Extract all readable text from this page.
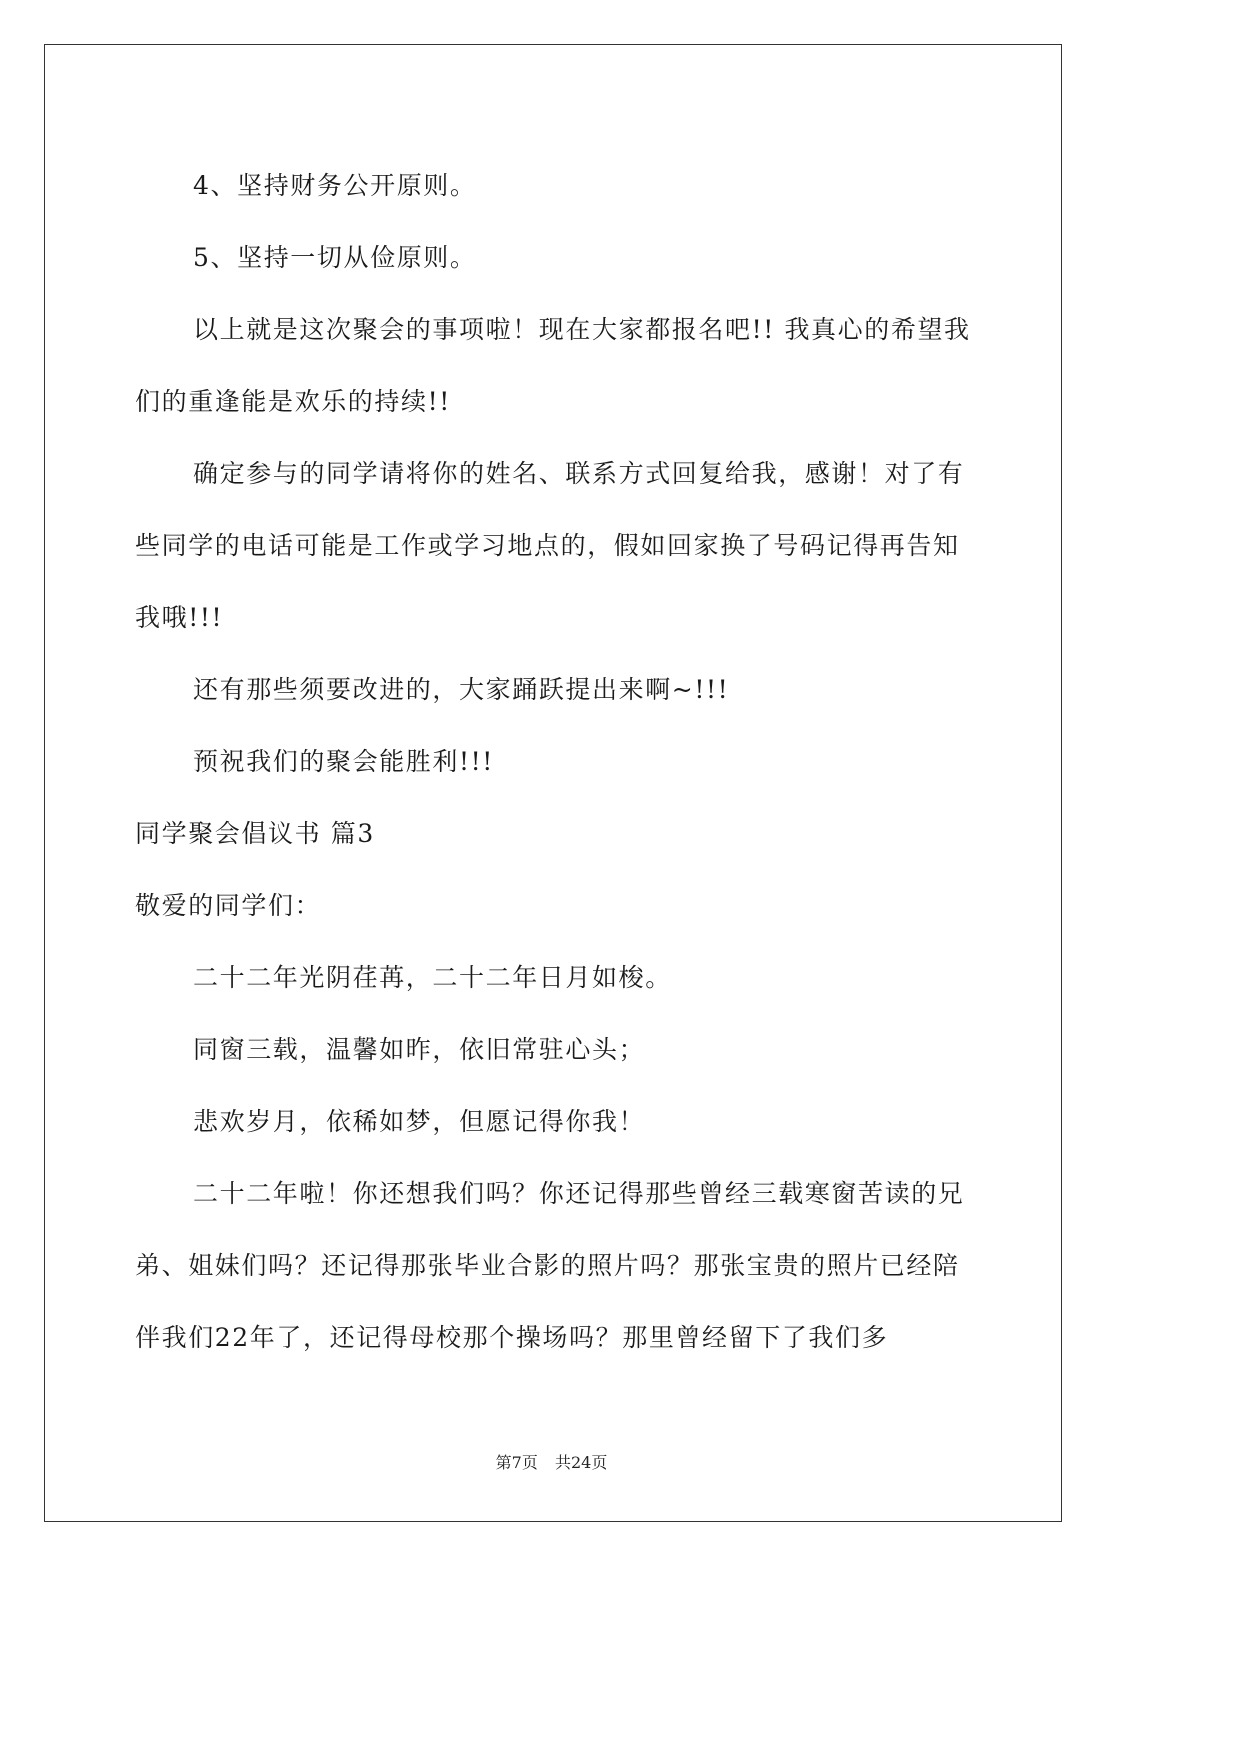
4、坚持财务公开原则。

5、坚持一切从俭原则。

以上就是这次聚会的事项啦！现在大家都报名吧!! 我真心的希望我们的重逢能是欢乐的持续!!

确定参与的同学请将你的姓名、联系方式回复给我，感谢！对了有些同学的电话可能是工作或学习地点的，假如回家换了号码记得再告知我哦!!!

还有那些须要改进的，大家踊跃提出来啊~!!!

预祝我们的聚会能胜利!!!

同学聚会倡议书 篇3

敬爱的同学们：

二十二年光阴荏苒，二十二年日月如梭。

同窗三载，温馨如昨，依旧常驻心头；

悲欢岁月，依稀如梦，但愿记得你我！

二十二年啦！你还想我们吗？你还记得那些曾经三载寒窗苦读的兄弟、姐妹们吗？还记得那张毕业合影的照片吗？那张宝贵的照片已经陪伴我们22年了，还记得母校那个操场吗？那里曾经留下了我们多

第7页 共24页
